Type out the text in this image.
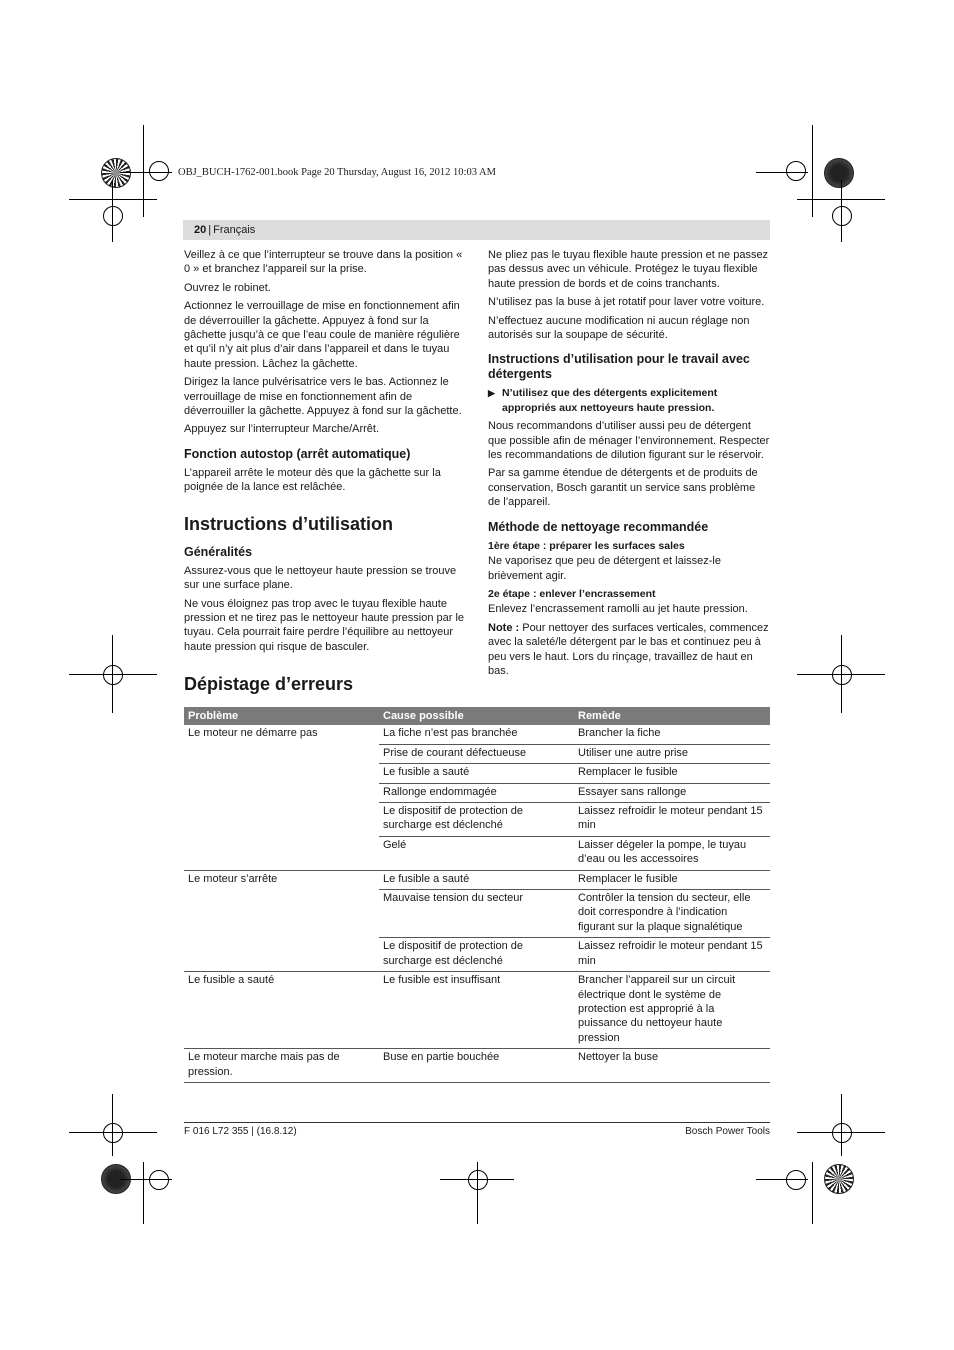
OBJ_BUCH-1762-001.book Page 20 Thursday, August 16, 2012 10:03 AM
20 | Français

Veillez à ce que l’interrupteur se trouve dans la position « 0 » et branchez l’appareil sur la prise.

Ouvrez le robinet.

Actionnez le verrouillage de mise en fonctionnement afin de déverrouiller la gâchette. Appuyez à fond sur la gâchette jusqu’à ce que l’eau coule de manière régulière et qu’il n’y ait plus d’air dans l’appareil et dans le tuyau haute pression. Lâchez la gâchette.

Dirigez la lance pulvérisatrice vers le bas. Actionnez le verrouillage de mise en fonctionnement afin de déverrouiller la gâchette. Appuyez à fond sur la gâchette.

Appuyez sur l’interrupteur Marche/Arrêt.

Fonction autostop (arrêt automatique)

L’appareil arrête le moteur dès que la gâchette sur la poignée de la lance est relâchée.

Instructions d’utilisation
Généralités

Assurez-vous que le nettoyeur haute pression se trouve sur une surface plane.

Ne vous éloignez pas trop avec le tuyau flexible haute pression et ne tirez pas le nettoyeur haute pression par le tuyau. Cela pourrait faire perdre l’équilibre au nettoyeur haute pression qui risque de basculer.

Ne pliez pas le tuyau flexible haute pression et ne passez pas dessus avec un véhicule. Protégez le tuyau flexible haute pression de bords et de coins tranchants.

N’utilisez pas la buse à jet rotatif pour laver votre voiture.

N’effectuez aucune modification ni aucun réglage non autorisés sur la soupape de sécurité.

Instructions d’utilisation pour le travail avec détergents
▶ N’utilisez que des détergents explicitement appropriés aux nettoyeurs haute pression.

Nous recommandons d’utiliser aussi peu de détergent que possible afin de ménager l’environnement. Respecter les recommandations de dilution figurant sur le réservoir.

Par sa gamme étendue de détergents et de produits de conservation, Bosch garantit un service sans problème de l’appareil.

Méthode de nettoyage recommandée
1ère étape : préparer les surfaces sales

Ne vaporisez que peu de détergent et laissez-le brièvement agir.

2e étape : enlever l’encrassement

Enlevez l’encrassement ramolli au jet haute pression.

Note : Pour nettoyer des surfaces verticales, commencez avec la saleté/le détergent par le bas et continuez peu à peu vers le haut. Lors du rinçage, travaillez de haut en bas.

Dépistage d’erreurs
Problème	Cause possible	Remède
Le moteur ne démarre pas	La fiche n’est pas branchée	Brancher la fiche
	Prise de courant défectueuse	Utiliser une autre prise
	Le fusible a sauté	Remplacer le fusible
	Rallonge endommagée	Essayer sans rallonge
	Le dispositif de protection de surcharge est déclenché	Laissez refroidir le moteur pendant 15 min
	Gelé	Laisser dégeler la pompe, le tuyau d’eau ou les accessoires
Le moteur s’arrête	Le fusible a sauté	Remplacer le fusible
	Mauvaise tension du secteur	Contrôler la tension du secteur, elle doit correspondre à l’indication figurant sur la plaque signalétique
	Le dispositif de protection de surcharge est déclenché	Laissez refroidir le moteur pendant 15 min
Le fusible a sauté	Le fusible est insuffisant	Brancher l’appareil sur un circuit électrique dont le système de protection est approprié à la puissance du nettoyeur haute pression
Le moteur marche mais pas de pression.	Buse en partie bouchée	Nettoyer la buse
F 016 L72 355 | (16.8.12)	Bosch Power Tools
